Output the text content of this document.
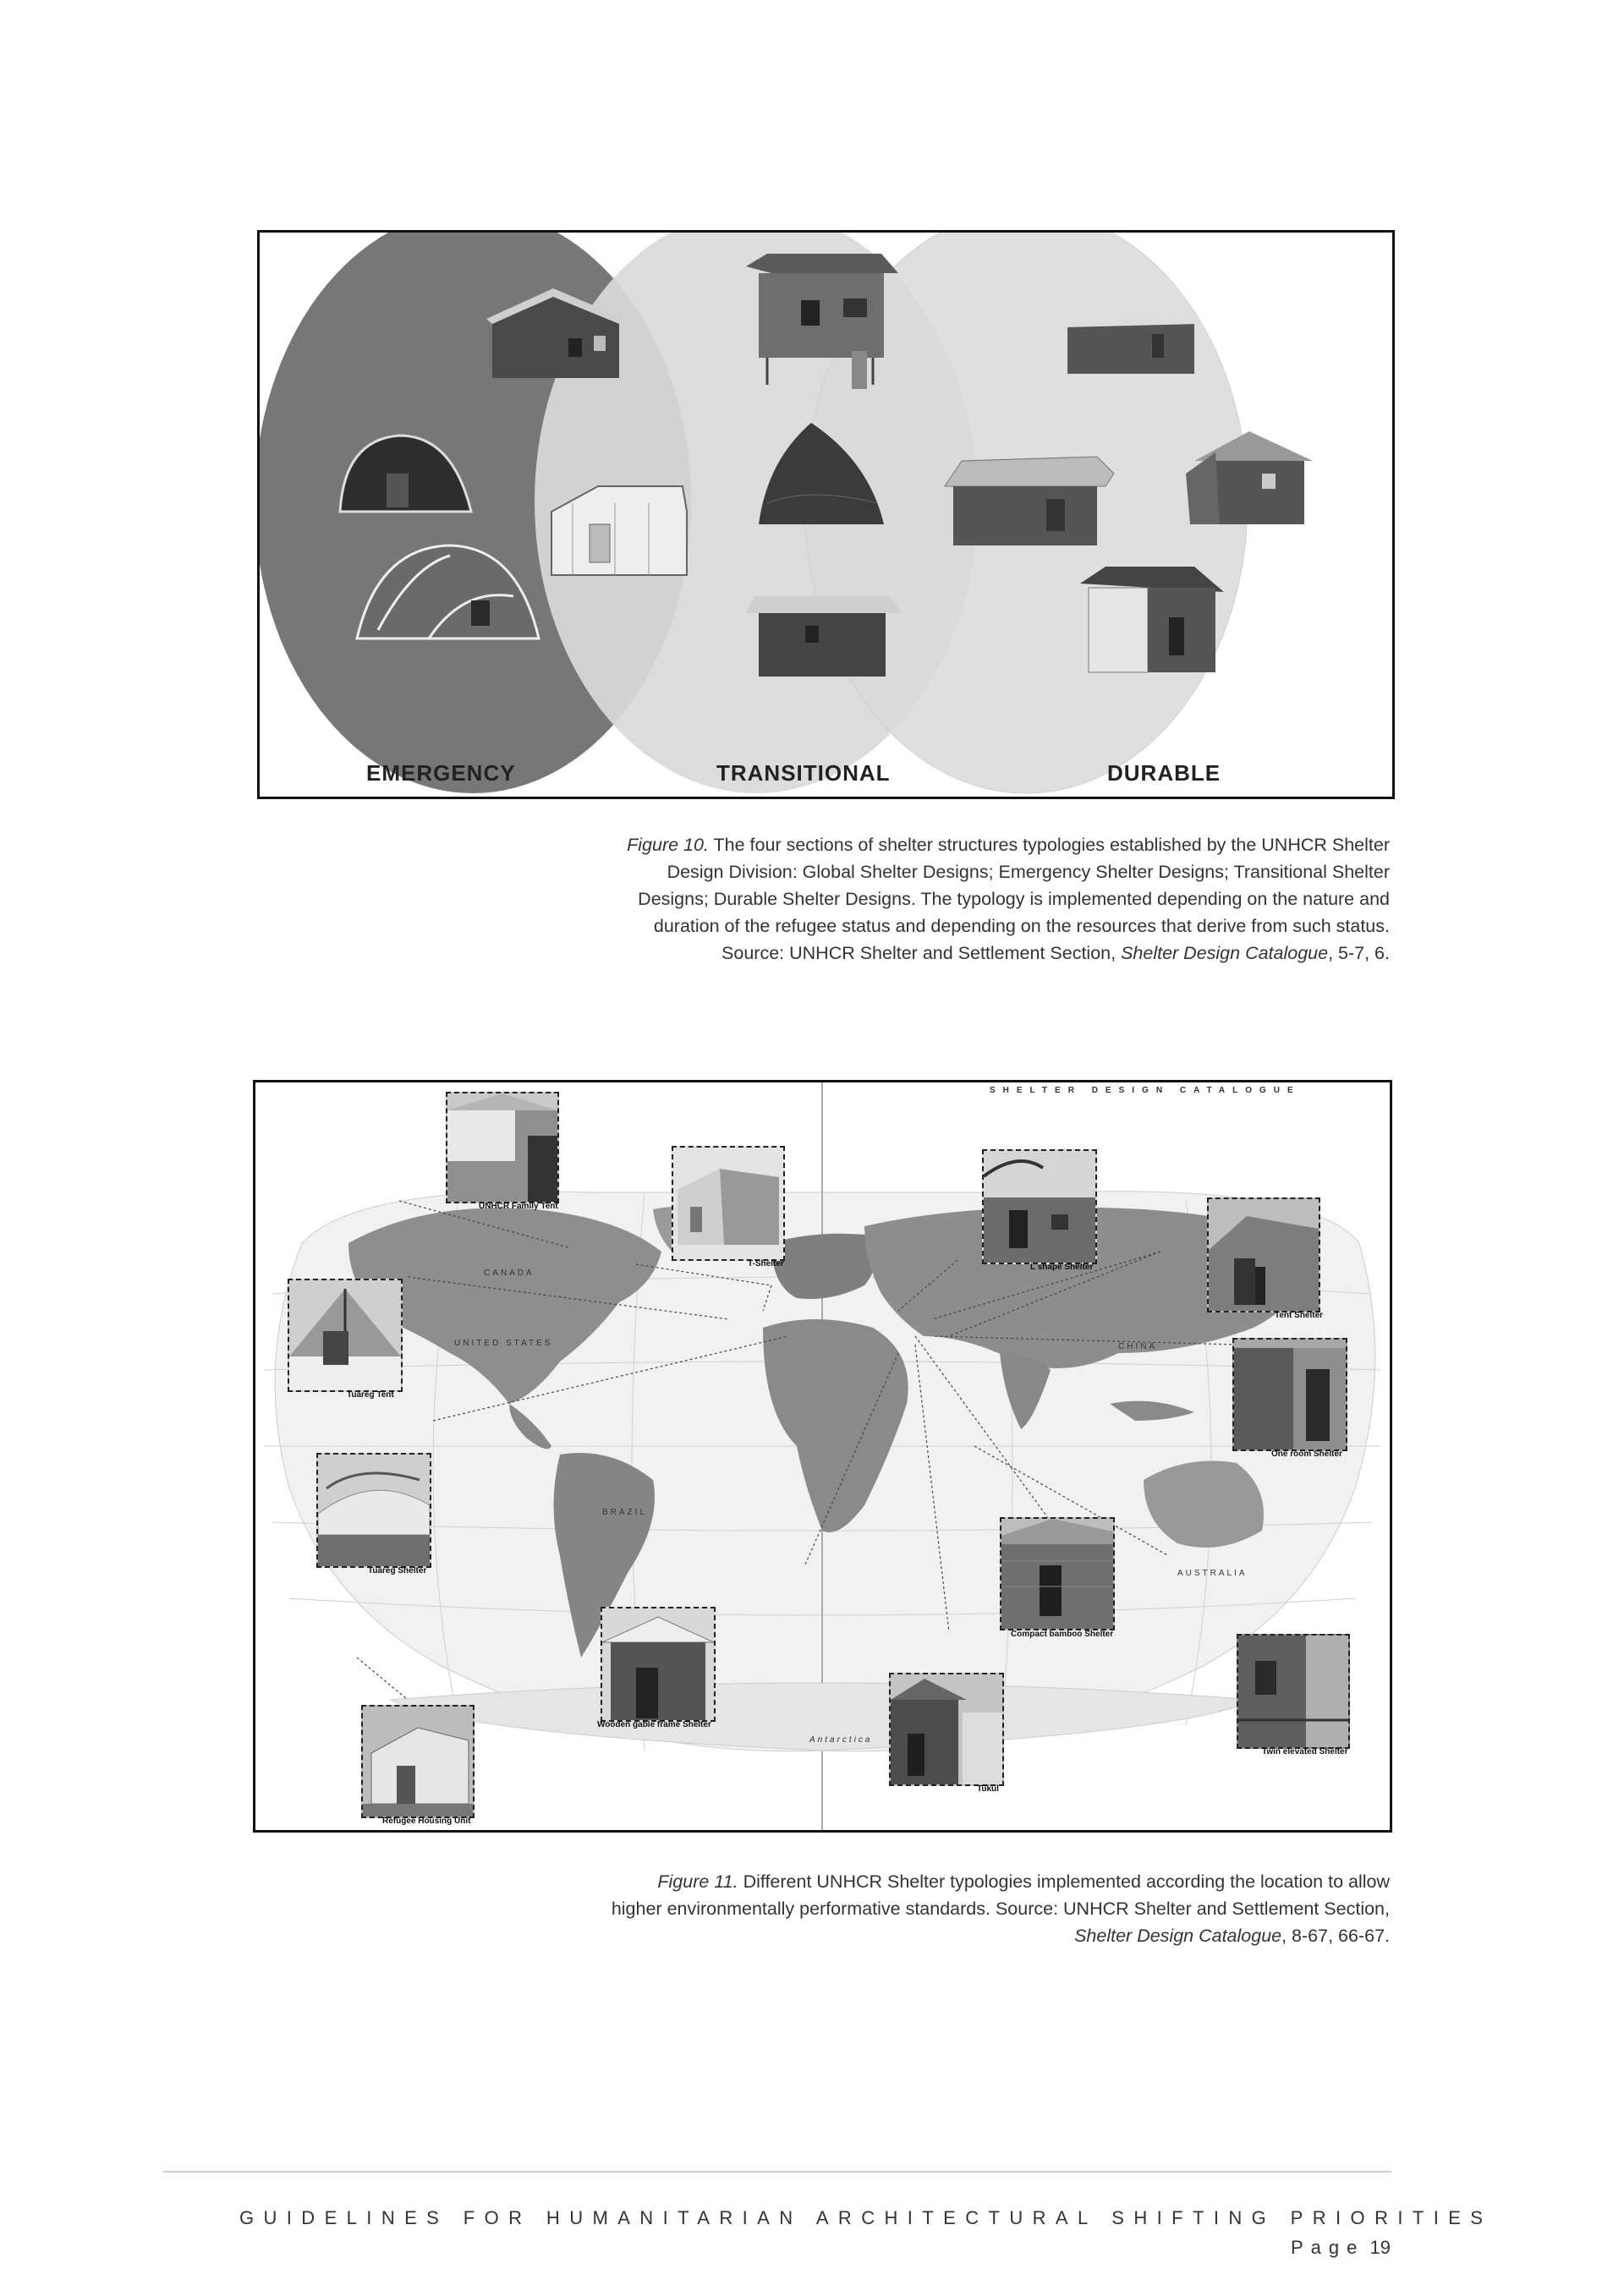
EMERGENCY	TRANSITIONAL	DURABLE
Figure 10. The four sections of shelter structures typologies established by the UNHCR Shelter
Design Division: Global Shelter Designs; Emergency Shelter Designs; Transitional Shelter
Designs; Durable Shelter Designs. The typology is implemented depending on the nature and
duration of the refugee status and depending on the resources that derive from such status.
Source: UNHCR Shelter and Settlement Section, Shelter Design Catalogue, 5-7, 6.
SHELTER DESIGN CATALOGUE
CANADA
UNITED STATES
BRAZIL
CHINA
AUSTRALIA
Antarctica
UNHCR Family Tent
T-Shelter	L shape Shelter
Tent Shelter
Tuareg Tent
One room Shelter
Tuareg Shelter
Compact bamboo Shelter
Wooden gable frame Shelter
Tukul
Twin elevated Shelter
Refugee Housing Unit
Figure 11. Different UNHCR Shelter typologies implemented according the location to allow
higher environmentally performative standards. Source: UNHCR Shelter and Settlement Section,
Shelter Design Catalogue, 8-67, 66-67.
GUIDELINES FOR HUMANITARIAN ARCHITECTURAL SHIFTING PRIORITIES
Page 19
